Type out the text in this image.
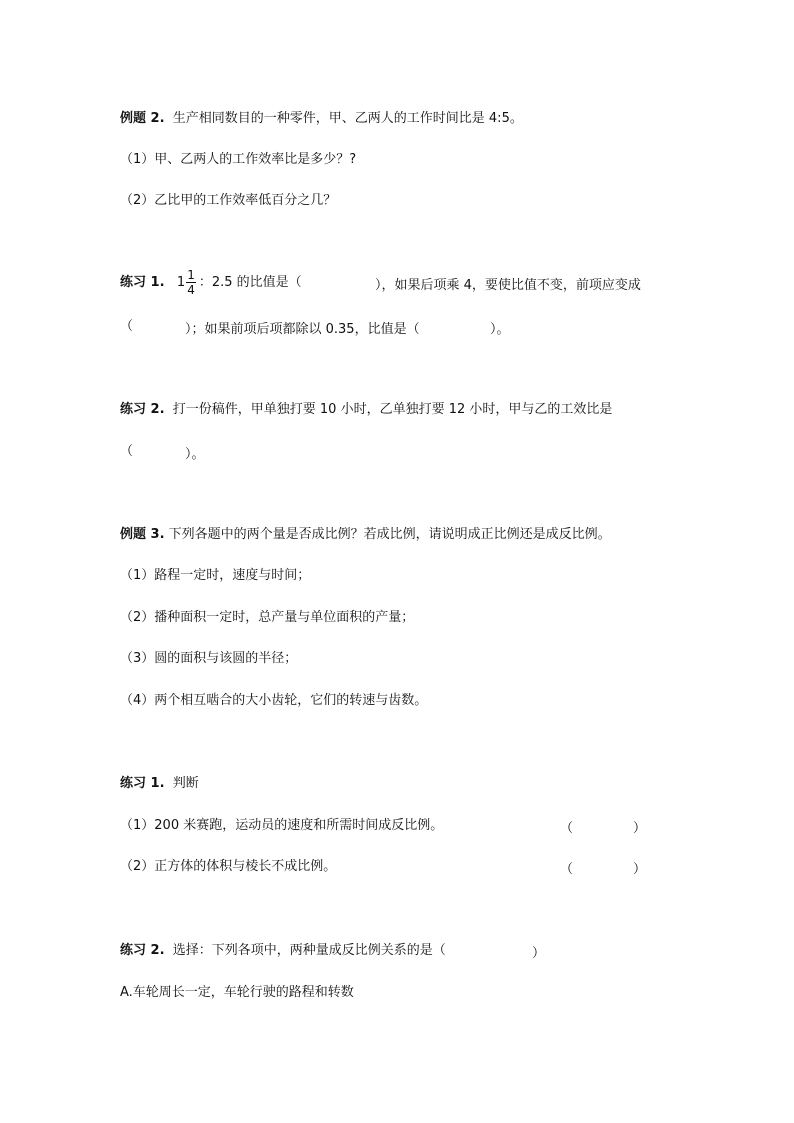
例题 2. 生产相同数目的一种零件，甲、乙两人的工作时间比是 4:5。
（1）甲、乙两人的工作效率比是多少？?
（2）乙比甲的工作效率低百分之几？
练习 1. $1 \frac{1}{4}$ ：2.5 的比值是（	），如果后项乘 4，要使比值不变，前项应变成
（	）；如果前项后项都除以 0.35，比值是（	）。
练习 2. 打一份稿件，甲单独打要 10 小时，乙单独打要 12 小时，甲与乙的工效比是
（	）。
例题 3. 下列各题中的两个量是否成比例？若成比例，请说明成正比例还是成反比例。
（1）路程一定时，速度与时间；
（2）播种面积一定时，总产量与单位面积的产量；
（3）圆的面积与该圆的半径；
（4）两个相互啮合的大小齿轮，它们的转速与齿数。
练习 1. 判断
（1）200 米赛跑，运动员的速度和所需时间成反比例。	（	）
（2）正方体的体积与棱长不成比例。	（	）
练习 2. 选择：下列各项中，两种量成反比例关系的是（	）
A.车轮周长一定，车轮行驶的路程和转数
